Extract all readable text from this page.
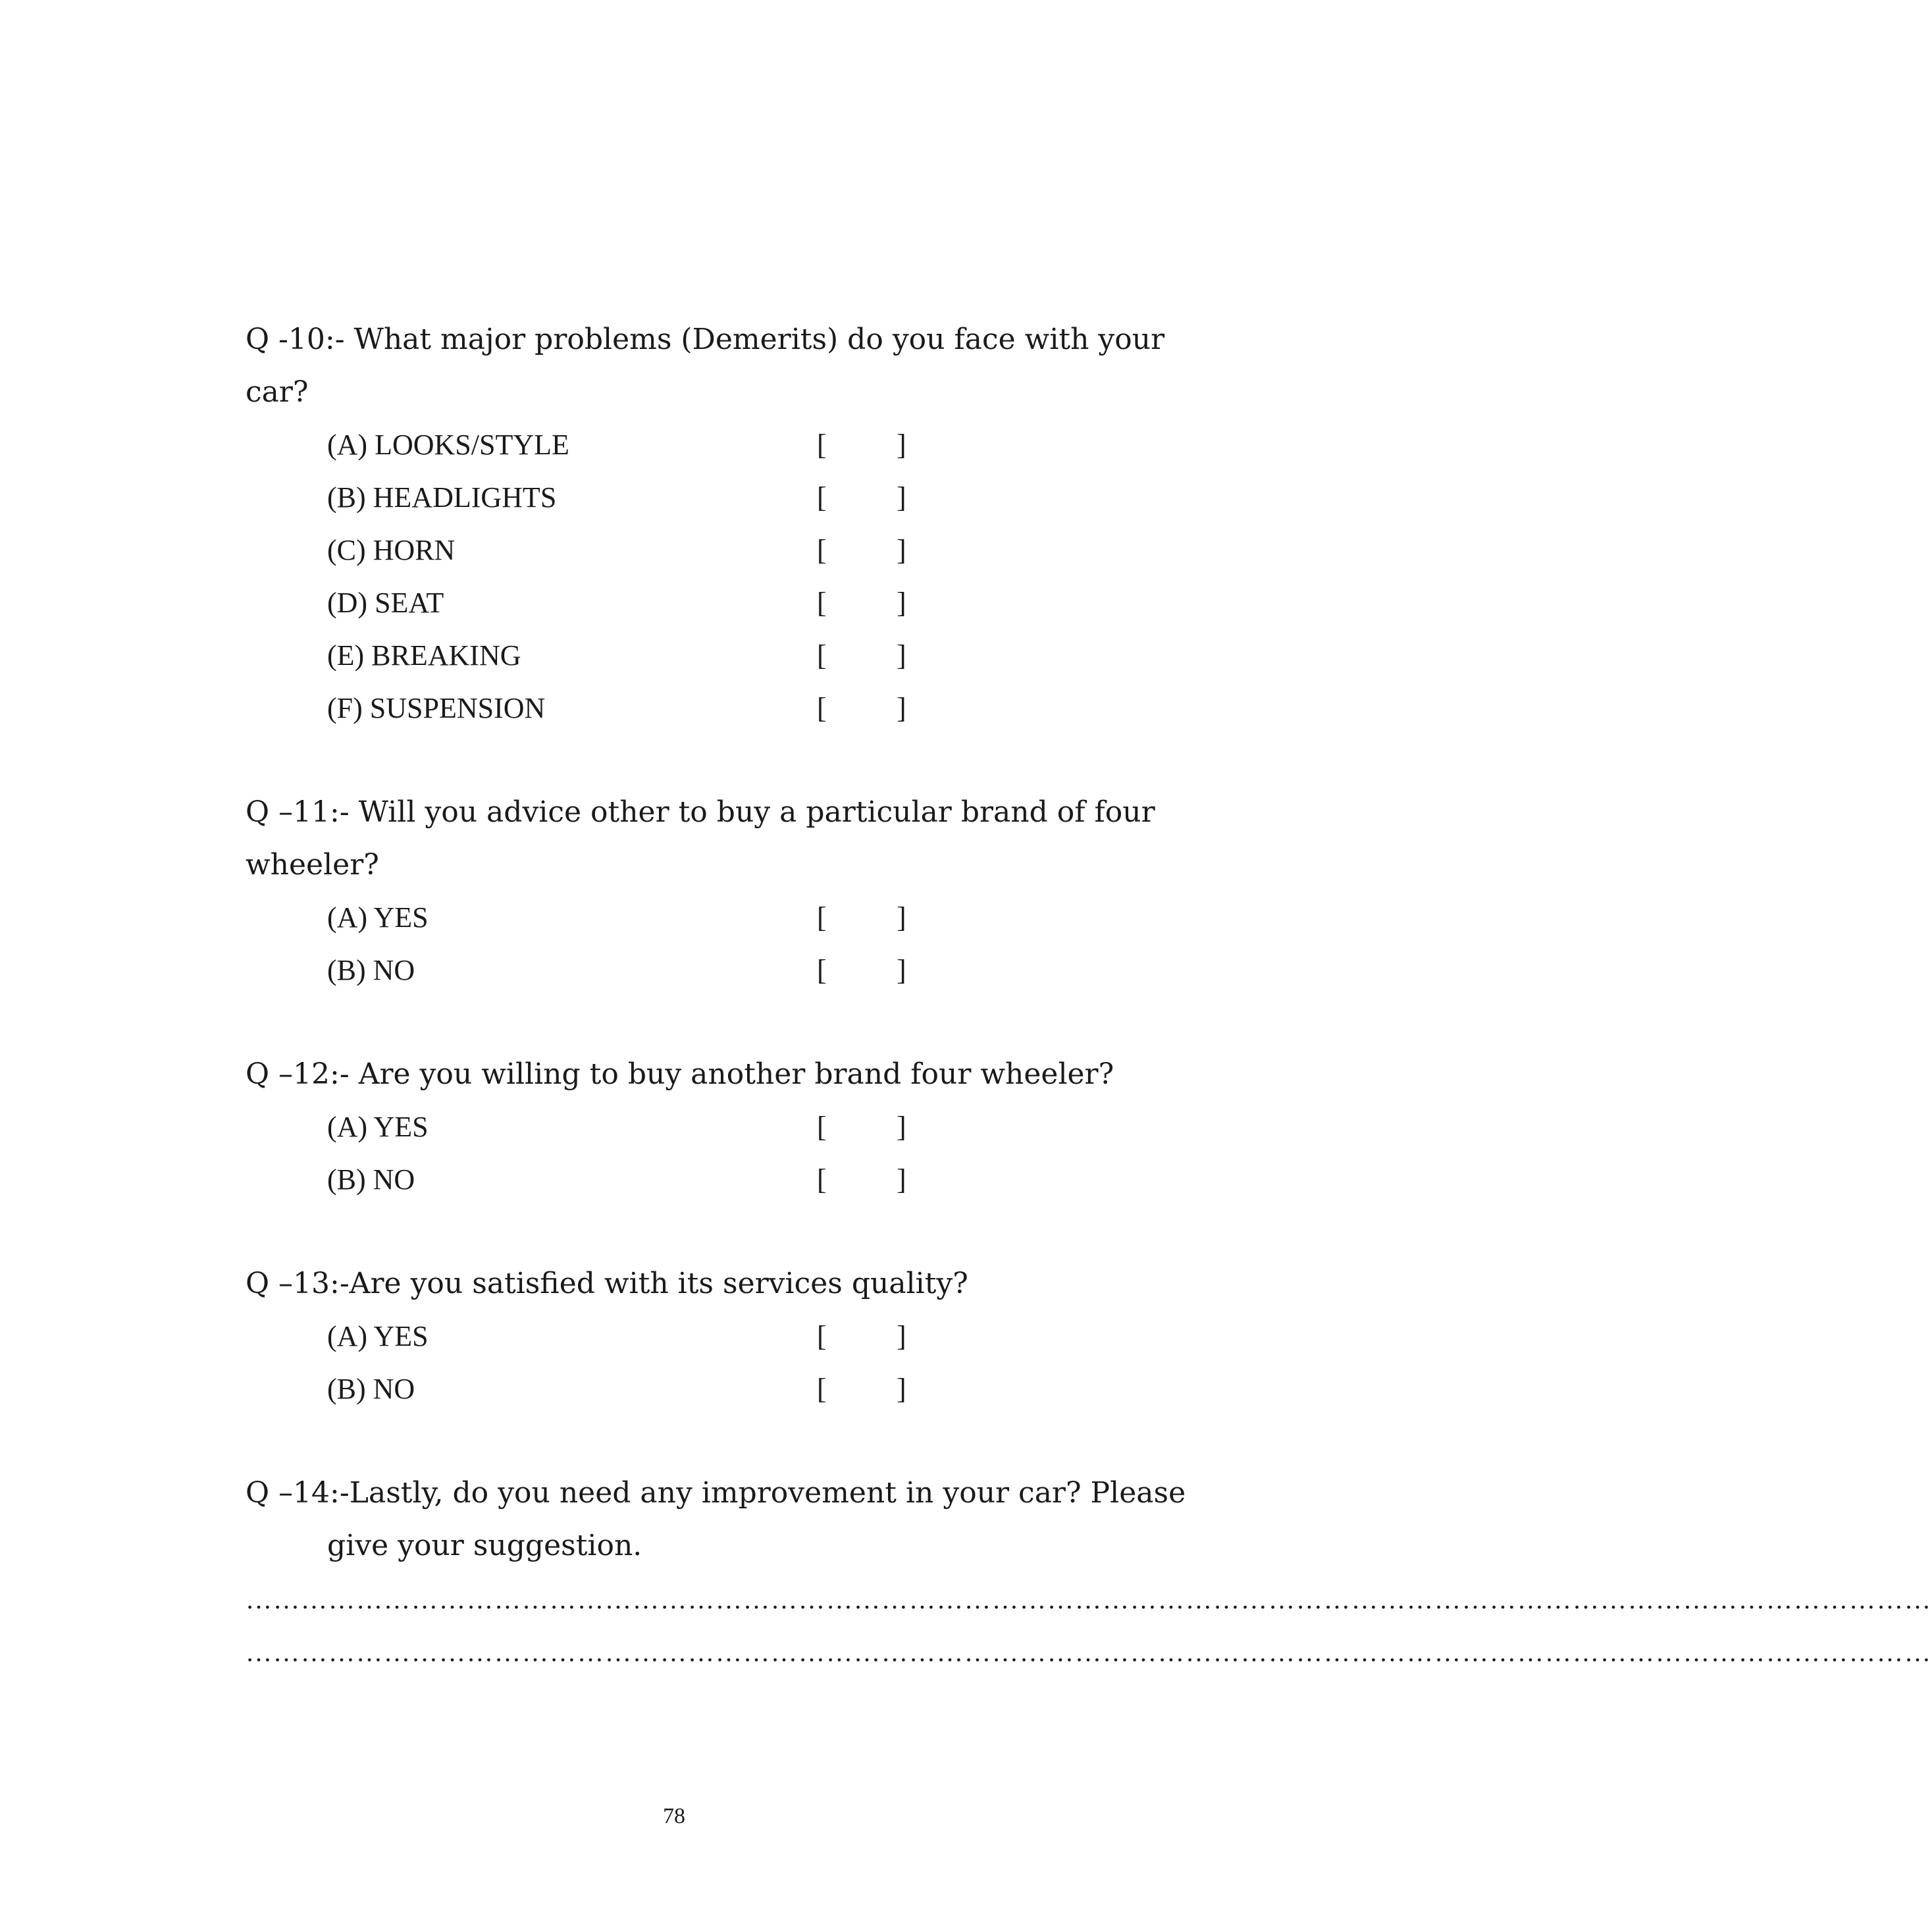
Q -10:- What major problems (Demerits) do you face with your car?

(A) LOOKS/STYLE	[ ]
(B) HEADLIGHTS	[ ]
(C) HORN	[ ]
(D) SEAT	[ ]
(E) BREAKING	[ ]
(F) SUSPENSION	[ ]

Q –11:- Will you advice other to buy a particular brand of four wheeler?

(A) YES	[ ]
(B) NO	[ ]

Q –12:- Are you willing to buy another brand four wheeler?

(A) YES	[ ]
(B) NO	[ ]

Q –13:-Are you satisfied with its services quality?

(A) YES	[ ]
(B) NO	[ ]
Q –14:-Lastly, do you need any improvement in your car? Please
give your suggestion.
…………………………………………………………………………………………………………………………………………………………………
…………………………………………………………………………………………………………………………………………………………………
78
